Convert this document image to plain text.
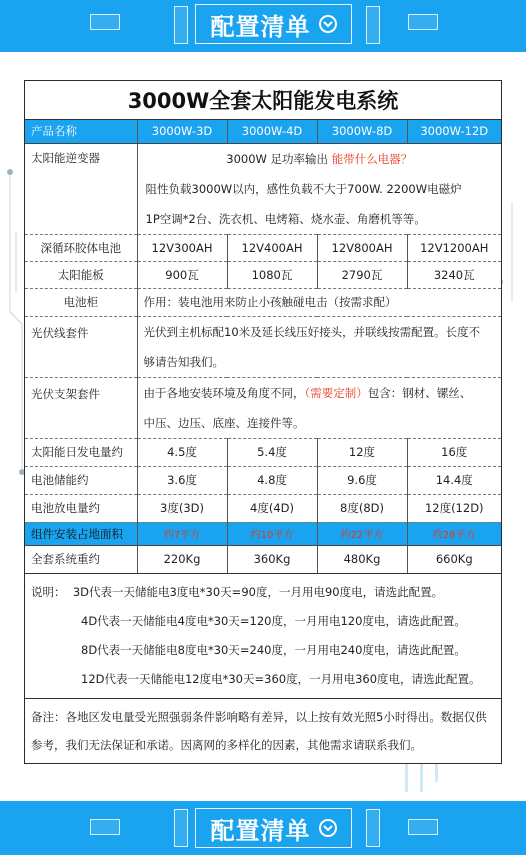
配置清单
3000W全套太阳能发电系统
产品名称	3000W-3D	3000W-4D	3000W-8D	3000W-12D
太阳能逆变器	3000W 足功率输出 能带什么电器？
阻性负载3000W以内，感性负载不大于700W. 2200W电磁炉
1P空调*2台、洗衣机、电烤箱、烧水壶、角磨机等等。			

深循环胶体电池	12V300AH	12V400AH	12V800AH	12V1200AH
太阳能板	900瓦	1080瓦	2790瓦	3240瓦
电池柜	作用：装电池用来防止小孩触碰电击（按需求配）			
光伏线套件	光伏到主机标配10米及延长线压好接头，并联线按需配置。长度不
够请告知我们。			

光伏支架套件	由于各地安装环境及角度不同，（需要定制）包含：钢材、镙丝、
中压、边压、底座、连接件等。			

太阳能日发电量约	4.5度	5.4度	12度	16度
电池储能约	3.6度	4.8度	9.6度	14.4度
电池放电量约	3度(3D)	4度(4D)	8度(8D)	12度(12D)
组件安装占地面积	约7平方	约10平方	约22平方	约28平方
全套系统重约	220Kg	360Kg	480Kg	660Kg
说明： 3D代表一天储能电3度电*30天=90度，一月用电90度电，请选此配置。
4D代表一天储能电4度电*30天=120度，一月用电120度电，请选此配置。
8D代表一天储能电8度电*30天=240度，一月用电240度电，请选此配置。
12D代表一天储能电12度电*30天=360度，一月用电360度电，请选此配置。
备注：各地区发电量受光照强弱条件影响略有差异，以上按有效光照5小时得出。数据仅供参考，我们无法保证和承诺。因离网的多样化的因素，其他需求请联系我们。
配置清单
